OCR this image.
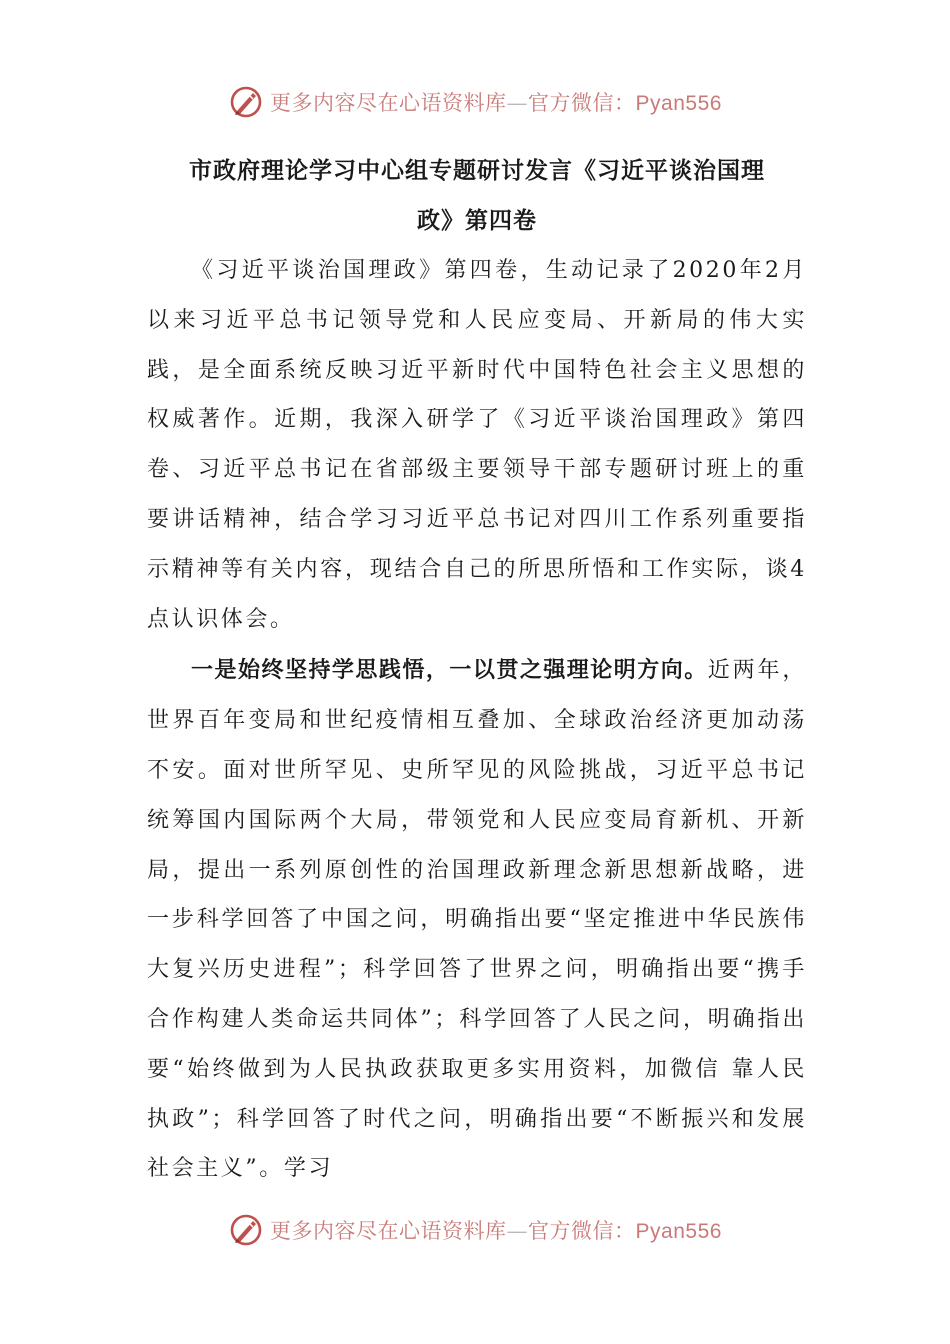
更多内容尽在心语资料库—官方微信：Pyan556
市政府理论学习中心组专题研讨发言《习近平谈治国理
政》第四卷

《习近平谈治国理政》第四卷，生动记录了2020年2月以来习近平总书记领导党和人民应变局、开新局的伟大实践，是全面系统反映习近平新时代中国特色社会主义思想的权威著作。近期，我深入研学了《习近平谈治国理政》第四卷、习近平总书记在省部级主要领导干部专题研讨班上的重要讲话精神，结合学习习近平总书记对四川工作系列重要指示精神等有关内容，现结合自己的所思所悟和工作实际，谈4点认识体会。

一是始终坚持学思践悟，一以贯之强理论明方向。近两年，世界百年变局和世纪疫情相互叠加、全球政治经济更加动荡不安。面对世所罕见、史所罕见的风险挑战，习近平总书记统筹国内国际两个大局，带领党和人民应变局育新机、开新局，提出一系列原创性的治国理政新理念新思想新战略，进一步科学回答了中国之问，明确指出要“坚定推进中华民族伟大复兴历史进程”；科学回答了世界之问，明确指出要“携手合作构建人类命运共同体”；科学回答了人民之问，明确指出要“始终做到为人民执政获取更多实用资料，加微信 靠人民执政”；科学回答了时代之问，明确指出要“不断振兴和发展社会主义”。学习

更多内容尽在心语资料库—官方微信：Pyan556
